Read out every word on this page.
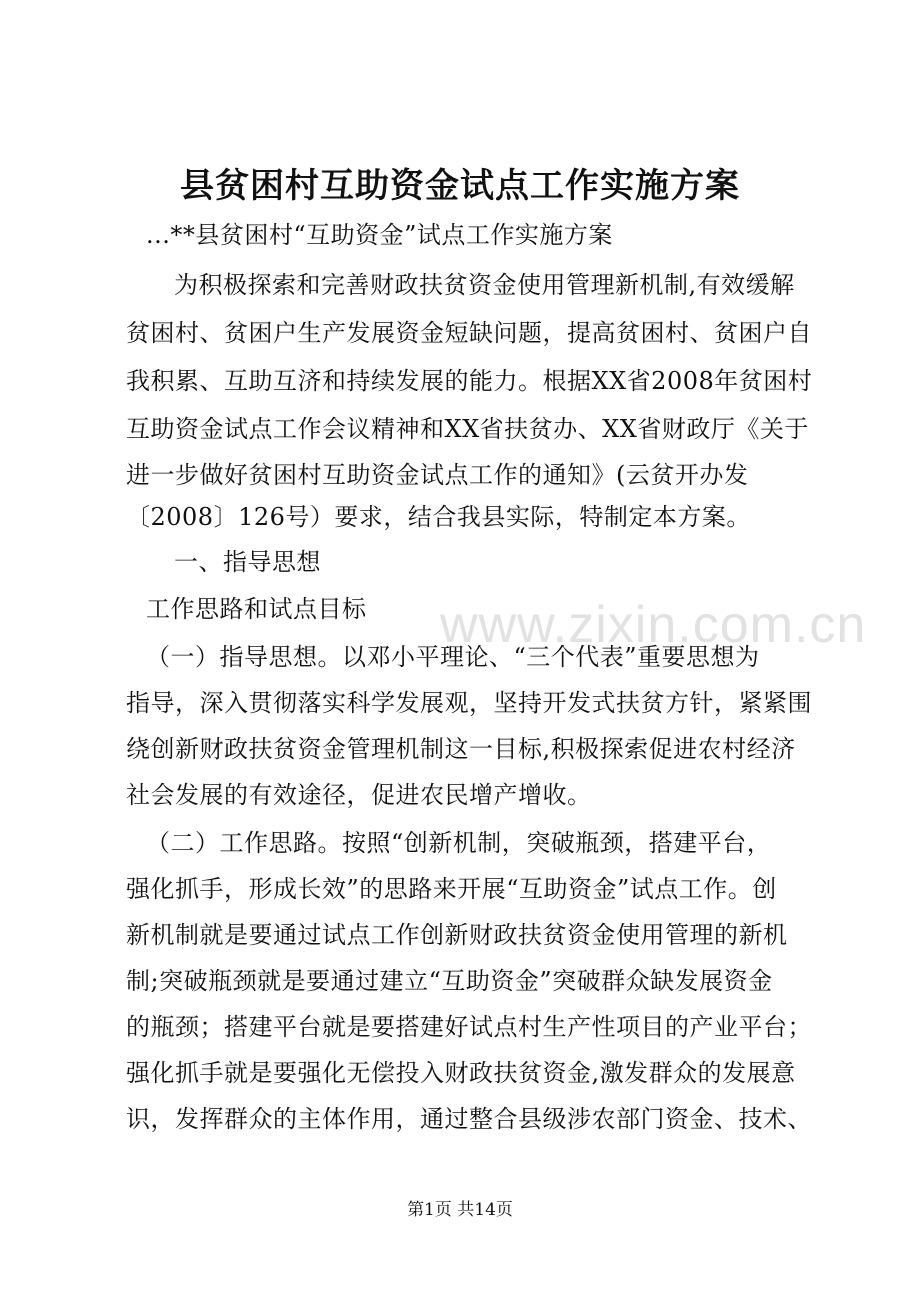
www.zixin.com.cn
县贫困村互助资金试点工作实施方案
...**县贫困村“互助资金”试点工作实施方案
为积极探索和完善财政扶贫资金使用管理新机制,有效缓解
贫困村、贫困户生产发展资金短缺问题，提高贫困村、贫困户自
我积累、互助互济和持续发展的能力。根据XX省2008年贫困村
互助资金试点工作会议精神和XX省扶贫办、XX省财政厅《关于
进一步做好贫困村互助资金试点工作的通知》(云贫开办发
〔2008〕126号）要求，结合我县实际，特制定本方案。
一、指导思想
工作思路和试点目标
（一）指导思想。以邓小平理论、“三个代表”重要思想为
指导，深入贯彻落实科学发展观，坚持开发式扶贫方针，紧紧围
绕创新财政扶贫资金管理机制这一目标,积极探索促进农村经济
社会发展的有效途径，促进农民增产增收。
（二）工作思路。按照“创新机制，突破瓶颈，搭建平台，
强化抓手，形成长效”的思路来开展“互助资金”试点工作。创
新机制就是要通过试点工作创新财政扶贫资金使用管理的新机
制;突破瓶颈就是要通过建立“互助资金”突破群众缺发展资金
的瓶颈；搭建平台就是要搭建好试点村生产性项目的产业平台；
强化抓手就是要强化无偿投入财政扶贫资金,激发群众的发展意
识，发挥群众的主体作用，通过整合县级涉农部门资金、技术、
第1页 共14页
